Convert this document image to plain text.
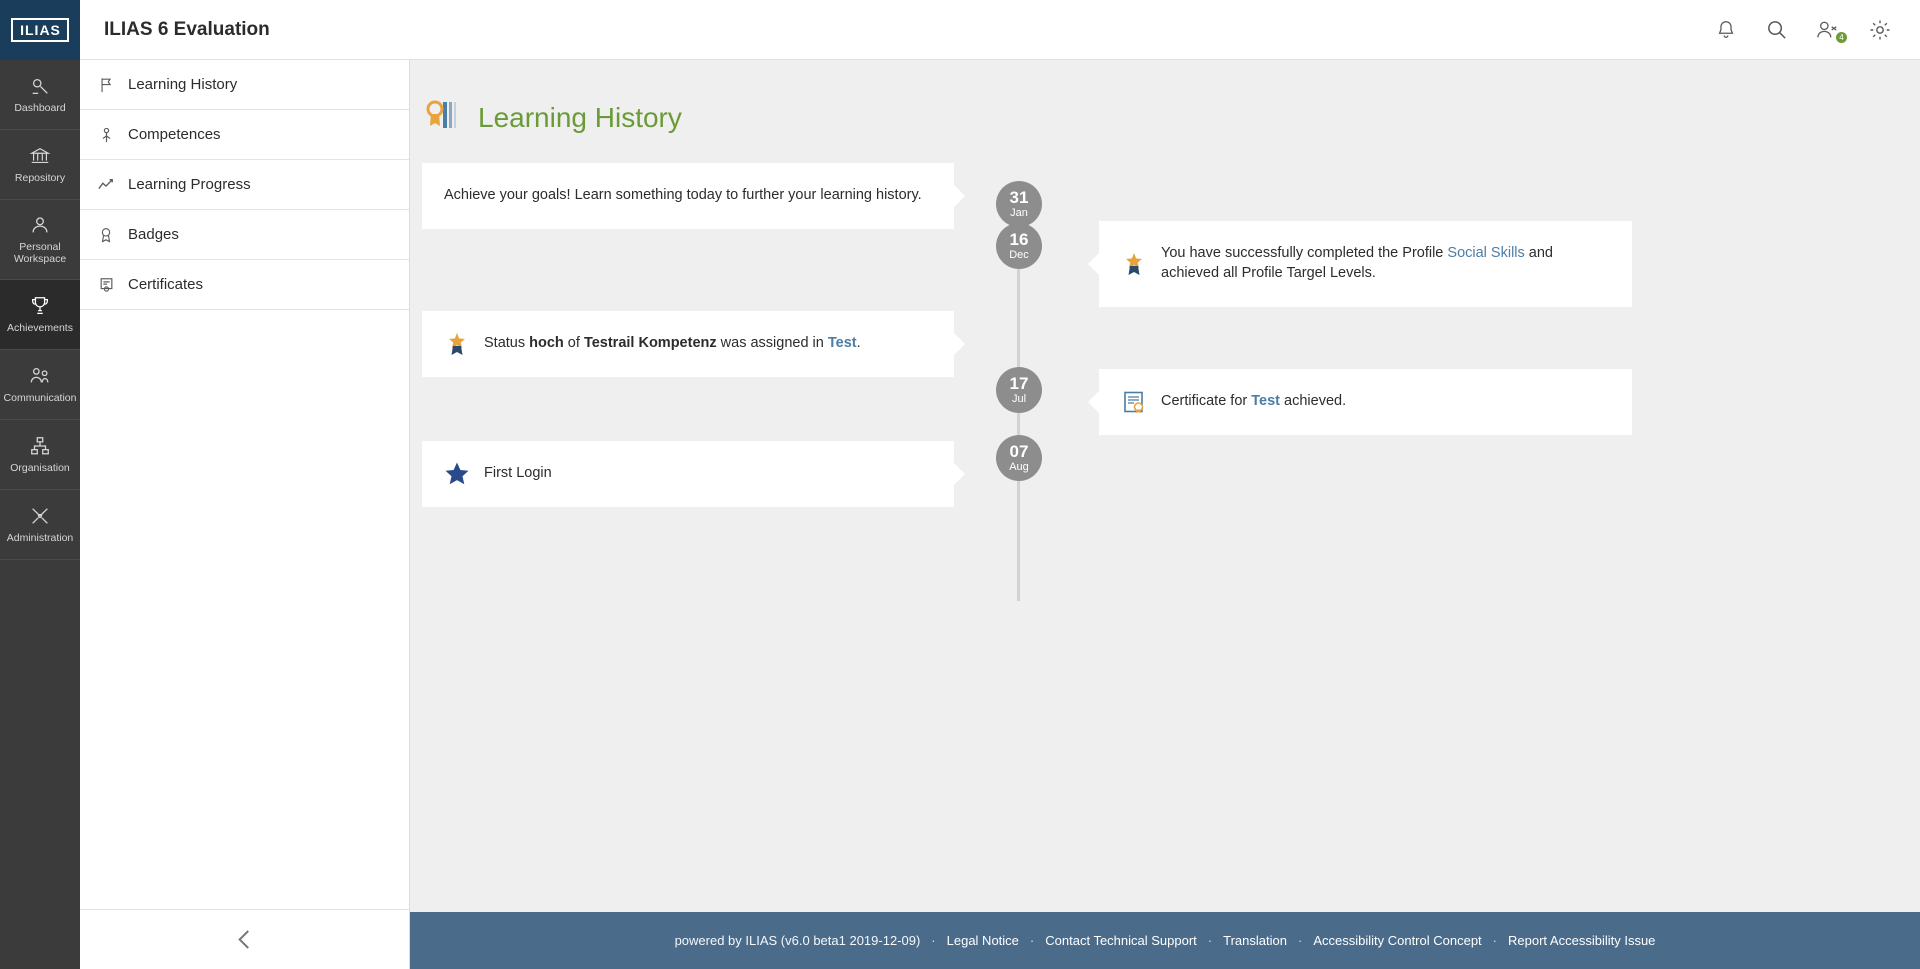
ILIAS	ILIAS 6 Evaluation	4
Dashboard
Repository
Personal Workspace
Achievements
Communication
Organisation
Administration
Learning History
Competences
Learning Progress
Badges
Certificates
Learning History
31
Jan
16
Dec
17
Jul
07
Aug
Achieve your goals! Learn something today to further your learning history.
You have successfully completed the Profile Social Skills and achieved all Profile Targel Levels.
Status hoch of Testrail Kompetenz was assigned in Test.
Certificate for Test achieved.
First Login
powered by ILIAS (v6.0 beta1 2019-12-09) · Legal Notice · Contact Technical Support · Translation · Accessibility Control Concept · Report Accessibility Issue
